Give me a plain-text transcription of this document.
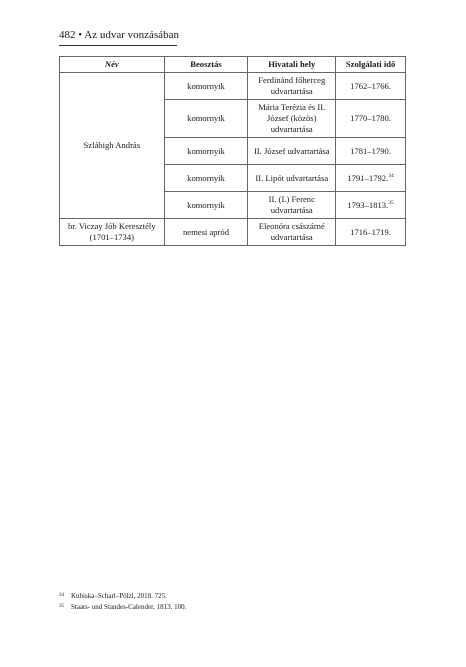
482 • Az udvar vonzásában
Név	Beosztás	Hivatali hely	Szolgálati idő
Szlábigh András	komornyik	Ferdinánd főherceg udvartartása	1762–1766.
	komornyik	Mária Terézia és II. József (közös) udvartartása	1770–1780.
	komornyik	II. József udvartartása	1781–1790.
	komornyik	II. Lipót udvartartása	1791–1792.34
	komornyik	II. (I.) Ferenc udvartartása	1793–1813.35
br. Viczay Jób Keresztély (1701–1734)	nemesi apród	Eleonóra császárné udvartartása	1716–1719.
34	Kubiska–Scharl–Pölzl, 2018. 725.
35	Staats- und Standes-Calender, 1813. 100.
